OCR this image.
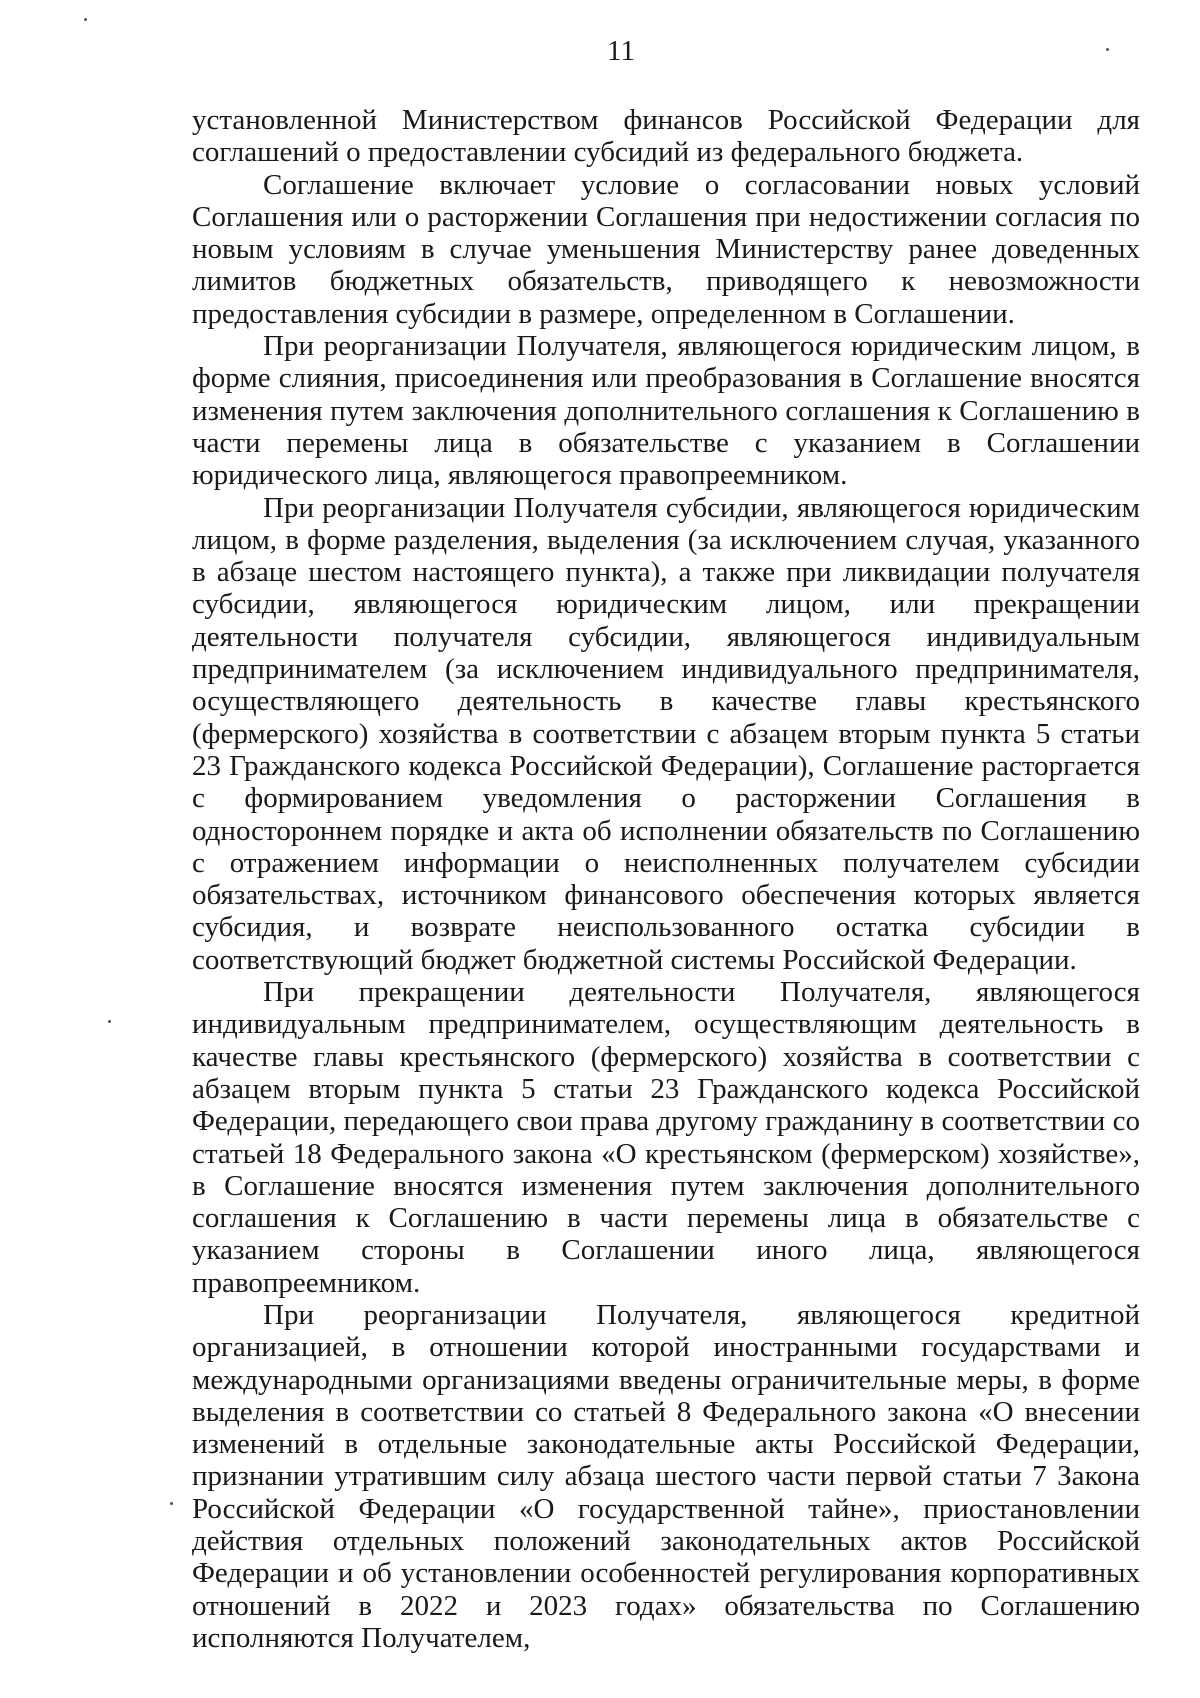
11

установленной Министерством финансов Российской Федерации для соглашений о предоставлении субсидий из федерального бюджета.

Соглашение включает условие о согласовании новых условий Соглашения или о расторжении Соглашения при недостижении согласия по новым условиям в случае уменьшения Министерству ранее доведенных лимитов бюджетных обязательств, приводящего к невозможности предоставления субсидии в размере, определенном в Соглашении.

При реорганизации Получателя, являющегося юридическим лицом, в форме слияния, присоединения или преобразования в Соглашение вносятся изменения путем заключения дополнительного соглашения к Соглашению в части перемены лица в обязательстве с указанием в Соглашении юридического лица, являющегося правопреемником.

При реорганизации Получателя субсидии, являющегося юридическим лицом, в форме разделения, выделения (за исключением случая, указанного в абзаце шестом настоящего пункта), а также при ликвидации получателя субсидии, являющегося юридическим лицом, или прекращении деятельности получателя субсидии, являющегося индивидуальным предпринимателем (за исключением индивидуального предпринимателя, осуществляющего деятельность в качестве главы крестьянского (фермерского) хозяйства в соответствии с абзацем вторым пункта 5 статьи 23 Гражданского кодекса Российской Федерации), Соглашение расторгается с формированием уведомления о расторжении Соглашения в одностороннем порядке и акта об исполнении обязательств по Соглашению с отражением информации о неисполненных получателем субсидии обязательствах, источником финансового обеспечения которых является субсидия, и возврате неиспользованного остатка субсидии в соответствующий бюджет бюджетной системы Российской Федерации.

При прекращении деятельности Получателя, являющегося индивидуальным предпринимателем, осуществляющим деятельность в качестве главы крестьянского (фермерского) хозяйства в соответствии с абзацем вторым пункта 5 статьи 23 Гражданского кодекса Российской Федерации, передающего свои права другому гражданину в соответствии со статьей 18 Федерального закона «О крестьянском (фермерском) хозяйстве», в Соглашение вносятся изменения путем заключения дополнительного соглашения к Соглашению в части перемены лица в обязательстве с указанием стороны в Соглашении иного лица, являющегося правопреемником.

При реорганизации Получателя, являющегося кредитной организацией, в отношении которой иностранными государствами и международными организациями введены ограничительные меры, в форме выделения в соответствии со статьей 8 Федерального закона «О внесении изменений в отдельные законодательные акты Российской Федерации, признании утратившим силу абзаца шестого части первой статьи 7 Закона Российской Федерации «О государственной тайне», приостановлении действия отдельных положений законодательных актов Российской Федерации и об установлении особенностей регулирования корпоративных отношений в 2022 и 2023 годах» обязательства по Соглашению исполняются Получателем,
